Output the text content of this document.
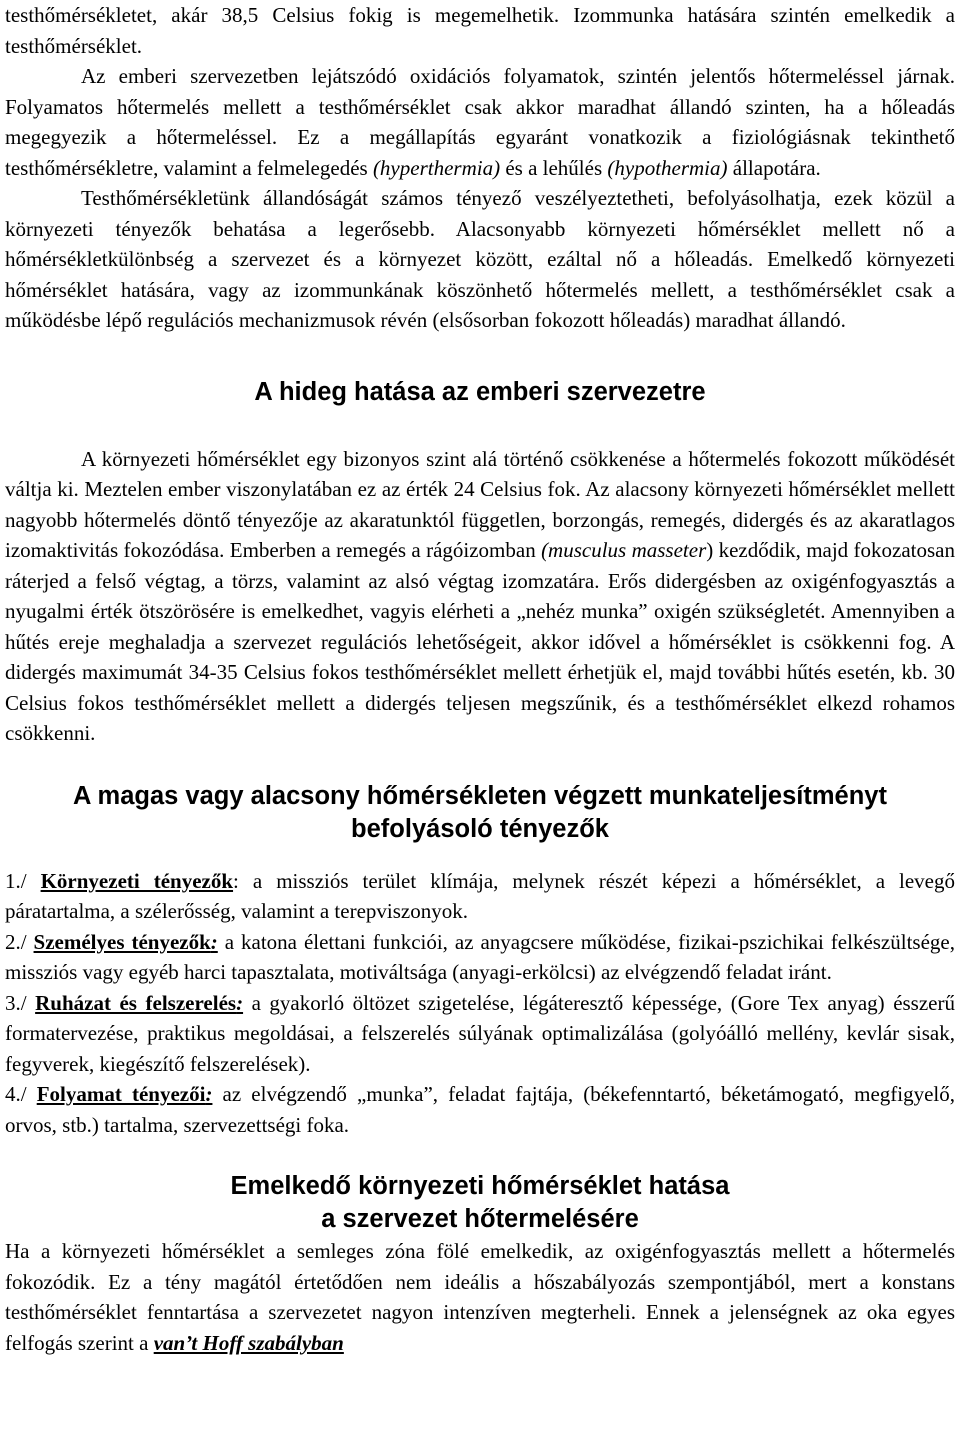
testhőmérsékletet, akár 38,5 Celsius fokig is megemelhetik. Izommunka hatására szintén emelkedik a testhőmérséklet.

Az emberi szervezetben lejátszódó oxidációs folyamatok, szintén jelentős hőtermeléssel járnak. Folyamatos hőtermelés mellett a testhőmérséklet csak akkor maradhat állandó szinten, ha a hőleadás megegyezik a hőtermeléssel. Ez a megállapítás egyaránt vonatkozik a fiziológiásnak tekinthető testhőmérsékletre, valamint a felmelegedés (hyperthermia) és a lehűlés (hypothermia) állapotára.

Testhőmérsékletünk állandóságát számos tényező veszélyeztetheti, befolyásolhatja, ezek közül a környezeti tényezők behatása a legerősebb. Alacsonyabb környezeti hőmérséklet mellett nő a hőmérsékletkülönbség a szervezet és a környezet között, ezáltal nő a hőleadás. Emelkedő környezeti hőmérséklet hatására, vagy az izommunkának köszönhető hőtermelés mellett, a testhőmérséklet csak a működésbe lépő regulációs mechanizmusok révén (elsősorban fokozott hőleadás) maradhat állandó.

A hideg hatása az emberi szervezetre

A környezeti hőmérséklet egy bizonyos szint alá történő csökkenése a hőtermelés fokozott működését váltja ki. Meztelen ember viszonylatában ez az érték 24 Celsius fok. Az alacsony környezeti hőmérséklet mellett nagyobb hőtermelés döntő tényezője az akaratunktól független, borzongás, remegés, didergés és az akaratlagos izomaktivitás fokozódása. Emberben a remegés a rágóizomban (musculus masseter) kezdődik, majd fokozatosan ráterjed a felső végtag, a törzs, valamint az alsó végtag izomzatára. Erős didergésben az oxigénfogyasztás a nyugalmi érték ötszörösére is emelkedhet, vagyis elérheti a „nehéz munka” oxigén szükségletét. Amennyiben a hűtés ereje meghaladja a szervezet regulációs lehetőségeit, akkor idővel a hőmérséklet is csökkenni fog. A didergés maximumát 34-35 Celsius fokos testhőmérséklet mellett érhetjük el, majd további hűtés esetén, kb. 30 Celsius fokos testhőmérséklet mellett a didergés teljesen megszűnik, és a testhőmérséklet elkezd rohamos csökkenni.

A magas vagy alacsony hőmérsékleten végzett munkateljesítményt
befolyásoló tényezők

1./ Környezeti tényezők: a missziós terület klímája, melynek részét képezi a hőmérséklet, a levegő páratartalma, a szélerősség, valamint a terepviszonyok.

2./ Személyes tényezők: a katona élettani funkciói, az anyagcsere működése, fizikai-pszichikai felkészültsége, missziós vagy egyéb harci tapasztalata, motiváltsága (anyagi-erkölcsi) az elvégzendő feladat iránt.

3./ Ruházat és felszerelés: a gyakorló öltözet szigetelése, légáteresztő képessége, (Gore Tex anyag) ésszerű formatervezése, praktikus megoldásai, a felszerelés súlyának optimalizálása (golyóálló mellény, kevlár sisak, fegyverek, kiegészítő felszerelések).

4./ Folyamat tényezői: az elvégzendő „munka”, feladat fajtája, (békefenntartó, béketámogató, megfigyelő, orvos, stb.) tartalma, szervezettségi foka.

Emelkedő környezeti hőmérséklet hatása
a szervezet hőtermelésére

Ha a környezeti hőmérséklet a semleges zóna fölé emelkedik, az oxigénfogyasztás mellett a hőtermelés fokozódik. Ez a tény magától értetődően nem ideális a hőszabályozás szempontjából, mert a konstans testhőmérséklet fenntartása a szervezetet nagyon intenzíven megterheli. Ennek a jelenségnek az oka egyes felfogás szerint a van’t Hoff szabályban
